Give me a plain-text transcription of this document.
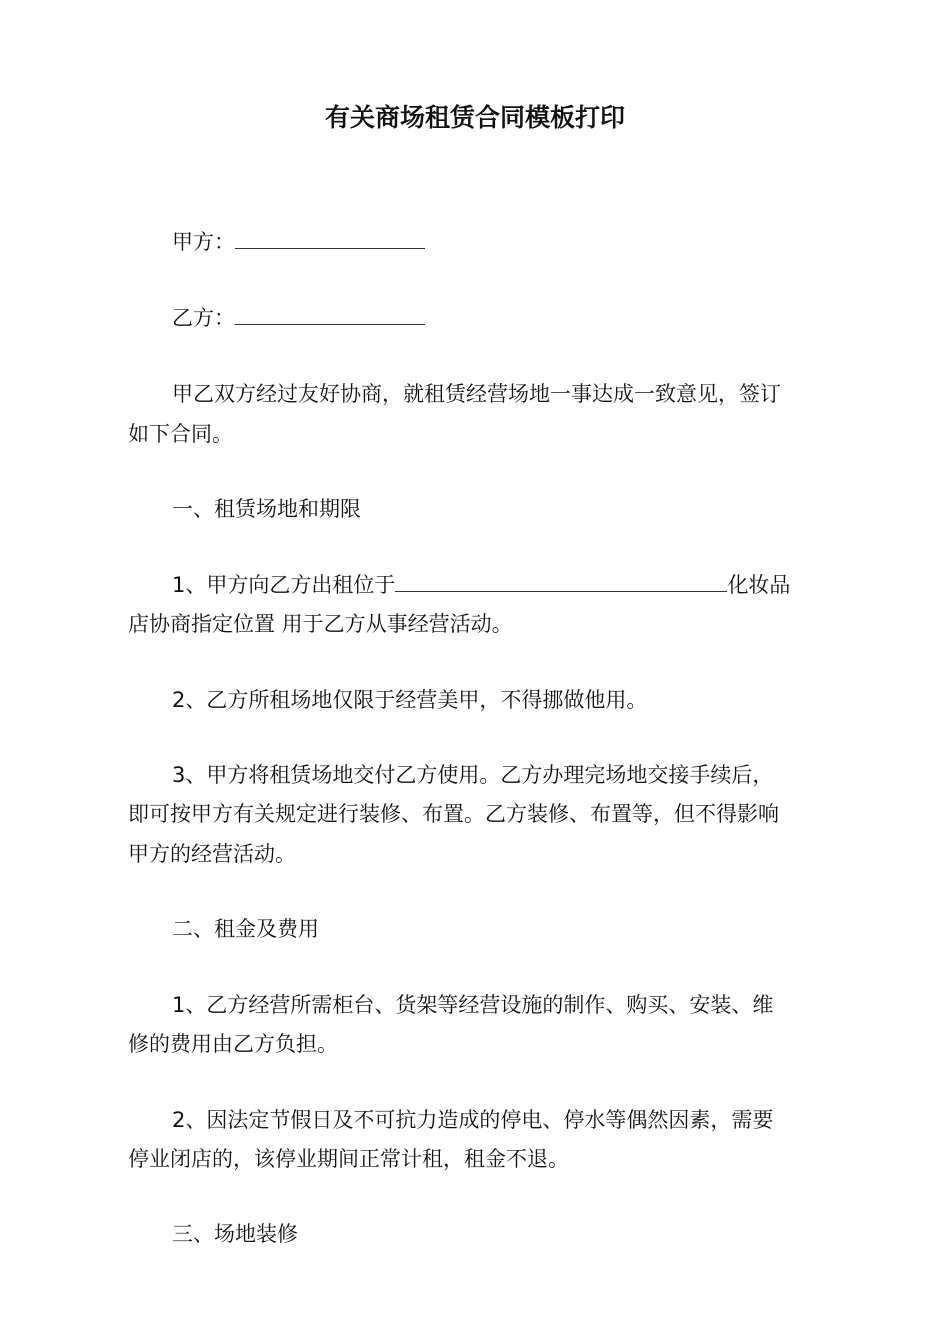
有关商场租赁合同模板打印
甲方：
乙方：
甲乙双方经过友好协商，就租赁经营场地一事达成一致意见，签订
如下合同。
一、租赁场地和期限
1、甲方向乙方出租位于	化妆品
店协商指定位置 用于乙方从事经营活动。
2、乙方所租场地仅限于经营美甲，不得挪做他用。
3、甲方将租赁场地交付乙方使用。乙方办理完场地交接手续后，
即可按甲方有关规定进行装修、布置。乙方装修、布置等，但不得影响
甲方的经营活动。
二、租金及费用
1、乙方经营所需柜台、货架等经营设施的制作、购买、安装、维
修的费用由乙方负担。
2、因法定节假日及不可抗力造成的停电、停水等偶然因素，需要
停业闭店的，该停业期间正常计租，租金不退。
三、场地装修
